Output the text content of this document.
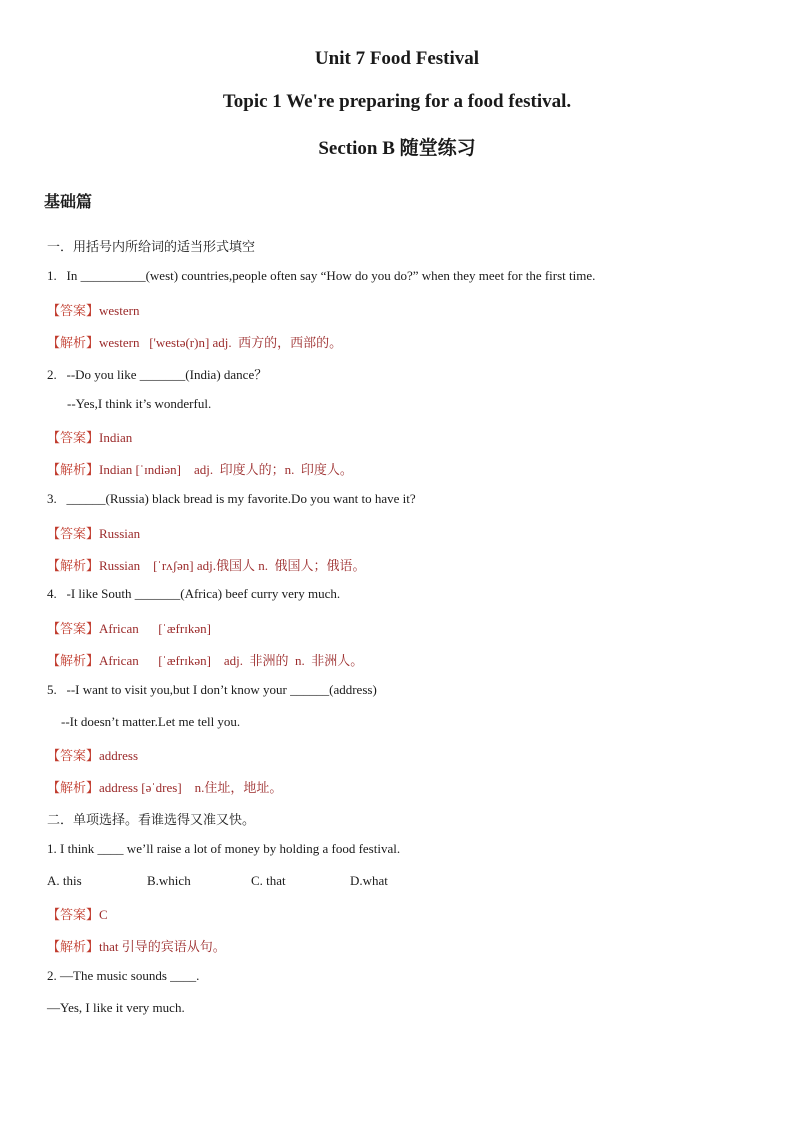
Unit 7 Food Festival
Topic 1 We're preparing for a food festival.
Section B 随堂练习
基础篇
一．用括号内所给词的适当形式填空
1.   In __________(west) countries,people often say “How do you do?” when they meet for the first time.
【答案】western
【解析】western   ['westə(r)n] adj.  西方的，西部的。
2.   --Do you like _______(India) dance？
--Yes,I think it’s wonderful.
【答案】Indian
【解析】Indian [ˈɪndiən]    adj.  印度人的；n.  印度人。
3.   ______(Russia) black bread is my favorite.Do you want to have it?
【答案】Russian
【解析】Russian    [ˈrʌʃən] adj.俄国人 n.  俄国人；俄语。
4.   -I like South _______(Africa) beef curry very much.
【答案】African      [ˈæfrɪkən]
【解析】African      [ˈæfrɪkən]    adj.  非洲的  n.  非洲人。
5.   --I want to visit you,but I don’t know your ______(address)
--It doesn’t matter.Let me tell you.
【答案】address
【解析】address [əˈdres]    n.住址，地址。
二．单项选择。看谁选得又准又快。
1. I think ____ we’ll raise a lot of money by holding a food festival.
A. this	B.which	C. that	D.what
【答案】C
【解析】that 引导的宾语从句。
2. —The music sounds ____.
—Yes, I like it very much.
